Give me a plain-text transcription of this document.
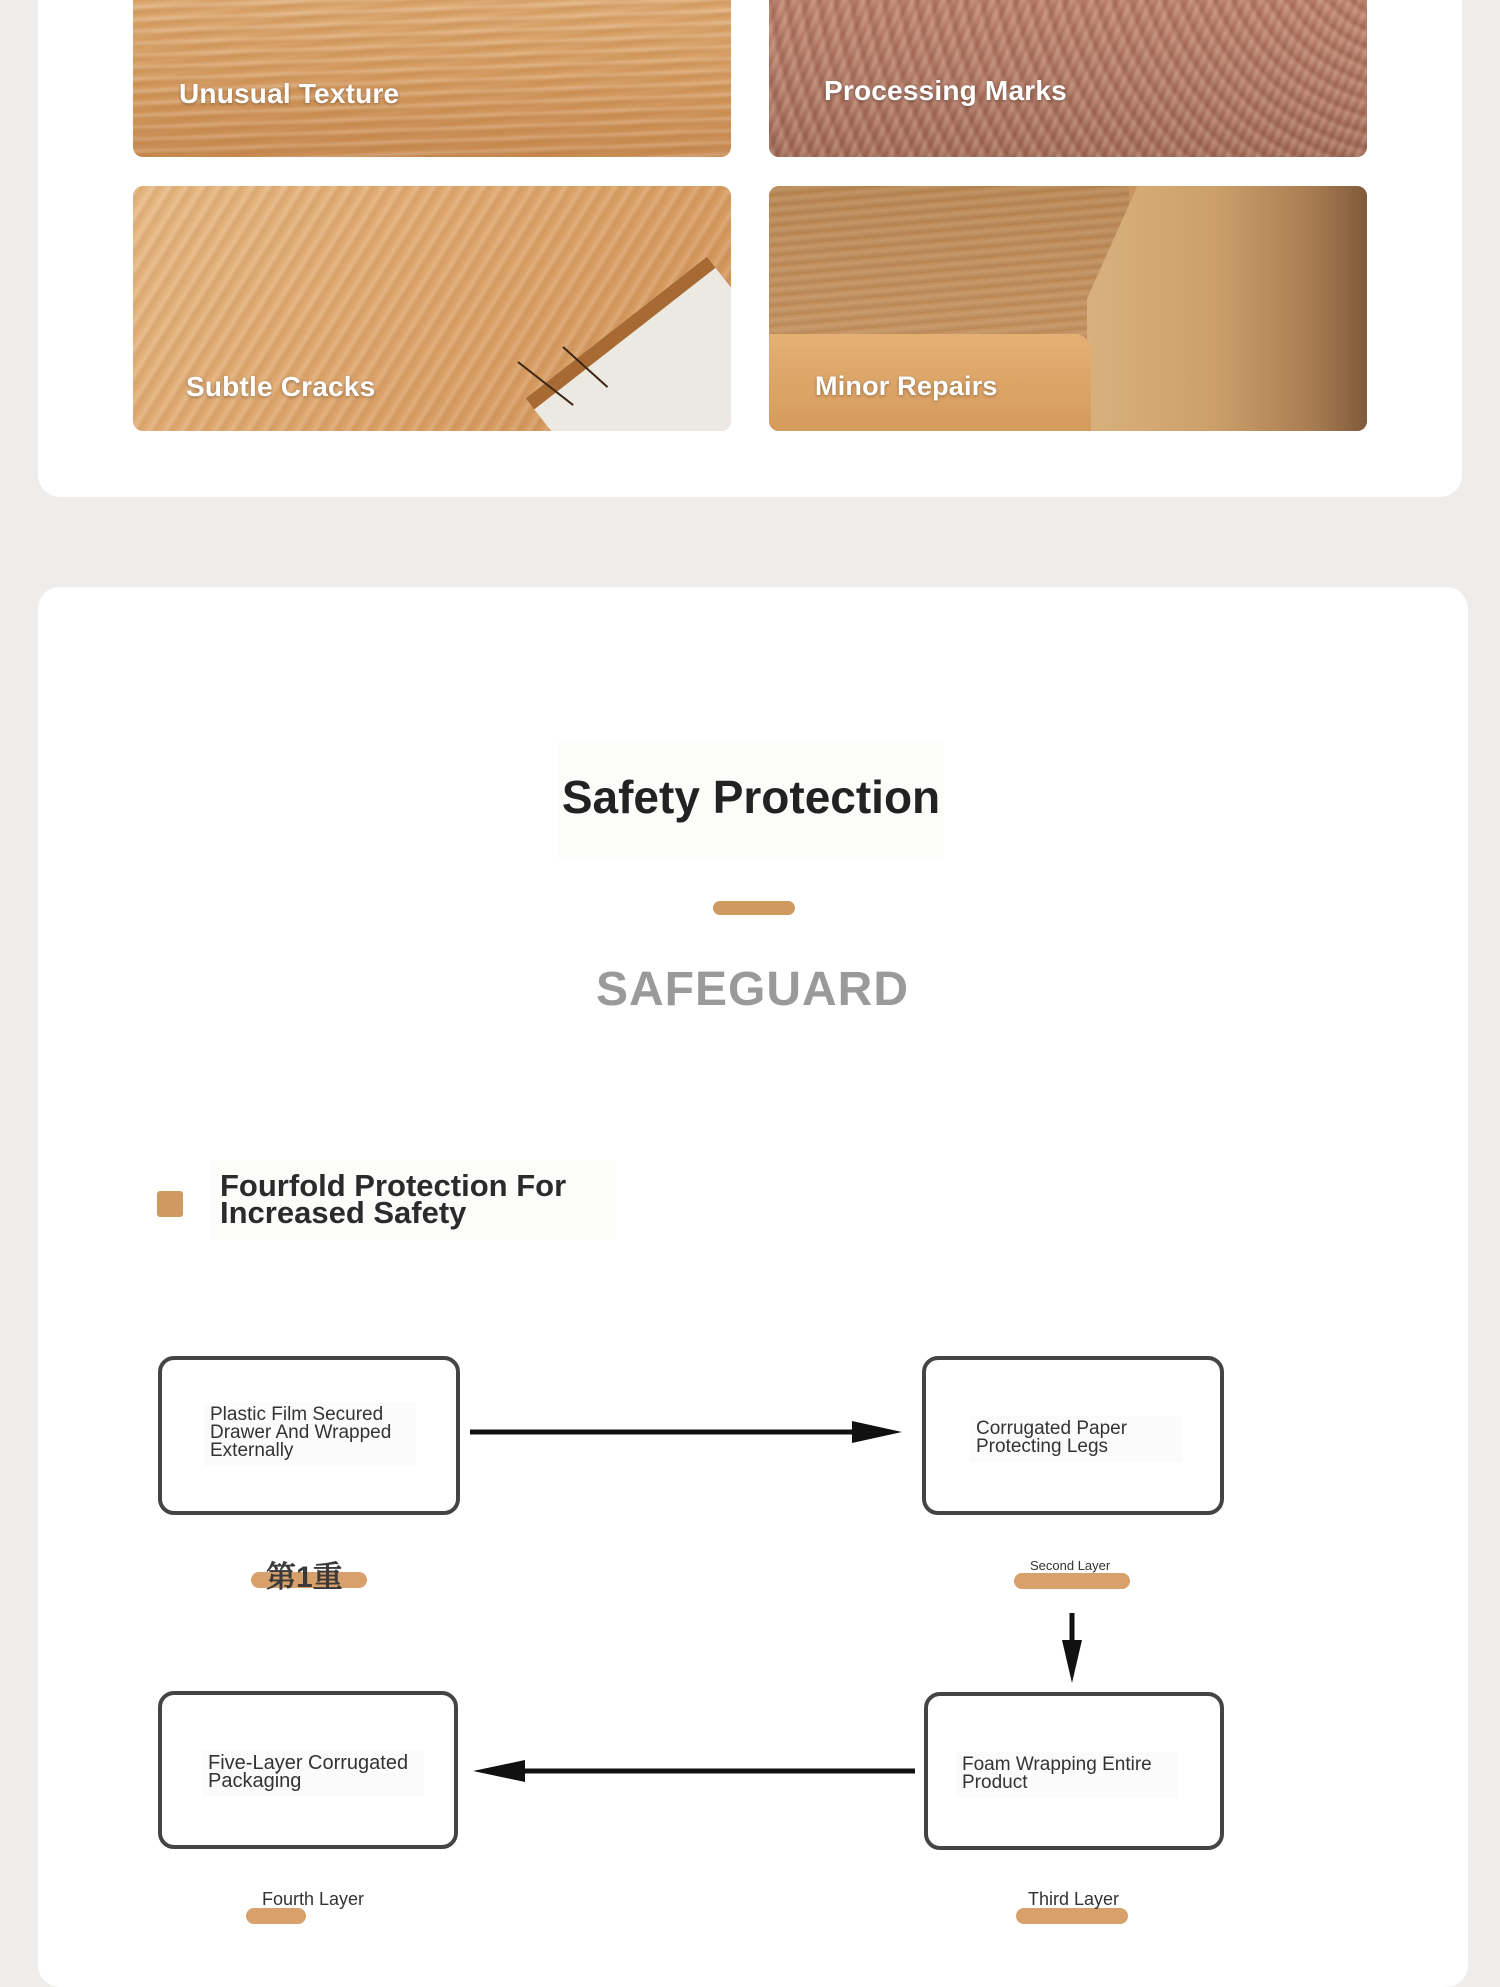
Unusual Texture	Processing Marks
Subtle Cracks	Minor Repairs
Safety Protection
SAFEGUARD
Fourfold Protection For Increased Safety
Plastic Film Secured Drawer And Wrapped Externally
Corrugated Paper Protecting Legs
Five-Layer Corrugated Packaging
Foam Wrapping Entire Product
第1重	Second Layer
Third Layer
Fourth Layer
